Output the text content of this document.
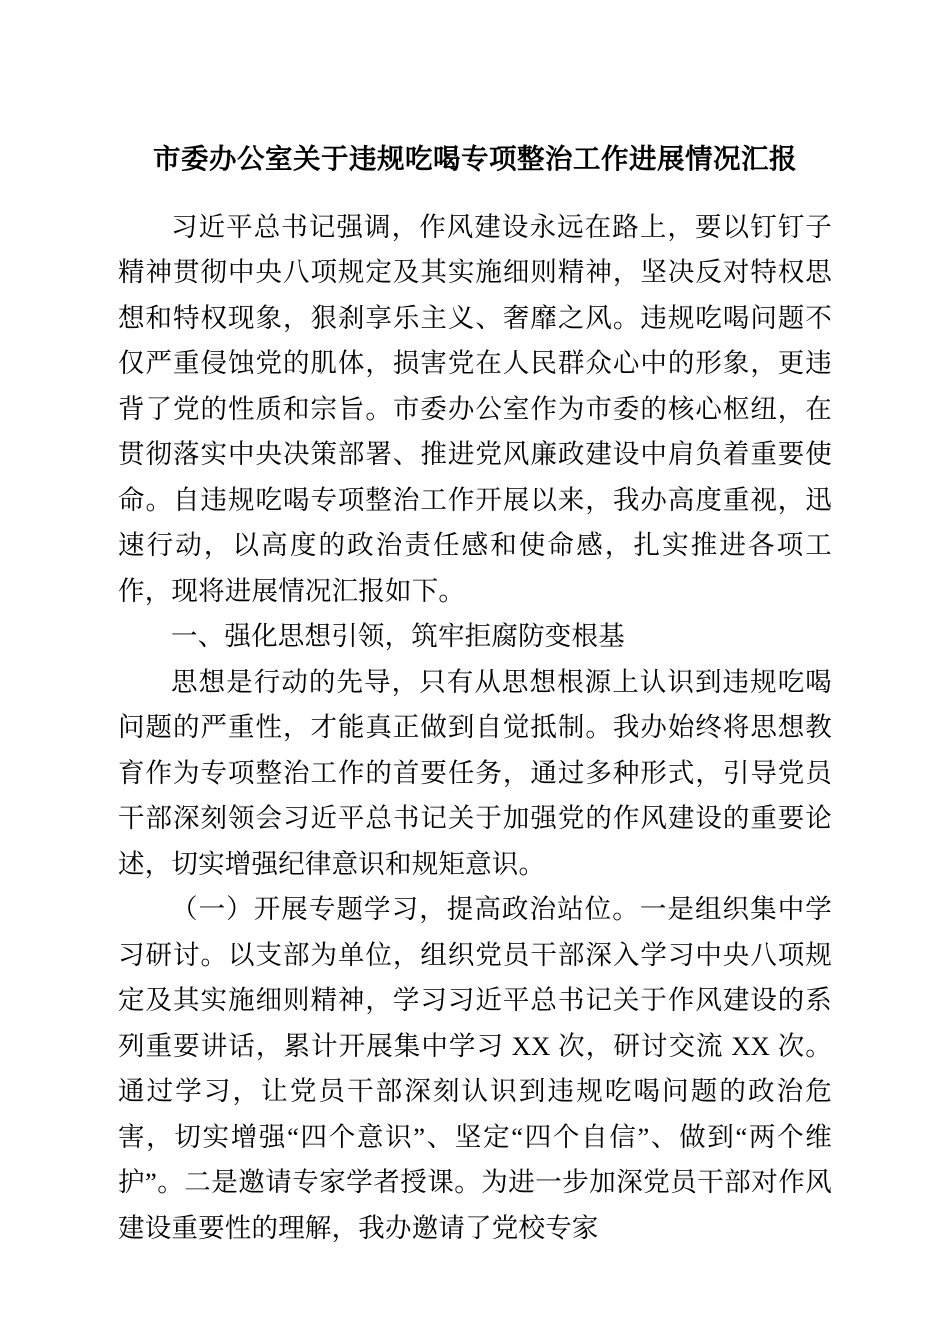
市委办公室关于违规吃喝专项整治工作进展情况汇报

习近平总书记强调，作风建设永远在路上，要以钉钉子精神贯彻中央八项规定及其实施细则精神，坚决反对特权思想和特权现象，狠刹享乐主义、奢靡之风。违规吃喝问题不仅严重侵蚀党的肌体，损害党在人民群众心中的形象，更违背了党的性质和宗旨。市委办公室作为市委的核心枢纽，在贯彻落实中央决策部署、推进党风廉政建设中肩负着重要使命。自违规吃喝专项整治工作开展以来，我办高度重视，迅速行动，以高度的政治责任感和使命感，扎实推进各项工作，现将进展情况汇报如下。

一、强化思想引领，筑牢拒腐防变根基

思想是行动的先导，只有从思想根源上认识到违规吃喝问题的严重性，才能真正做到自觉抵制。我办始终将思想教育作为专项整治工作的首要任务，通过多种形式，引导党员干部深刻领会习近平总书记关于加强党的作风建设的重要论述，切实增强纪律意识和规矩意识。

（一）开展专题学习，提高政治站位。一是组织集中学习研讨。以支部为单位，组织党员干部深入学习中央八项规定及其实施细则精神，学习习近平总书记关于作风建设的系列重要讲话，累计开展集中学习 XX 次，研讨交流 XX 次。通过学习，让党员干部深刻认识到违规吃喝问题的政治危害，切实增强“四个意识”、坚定“四个自信”、做到“两个维护”。二是邀请专家学者授课。为进一步加深党员干部对作风建设重要性的理解，我办邀请了党校专家
